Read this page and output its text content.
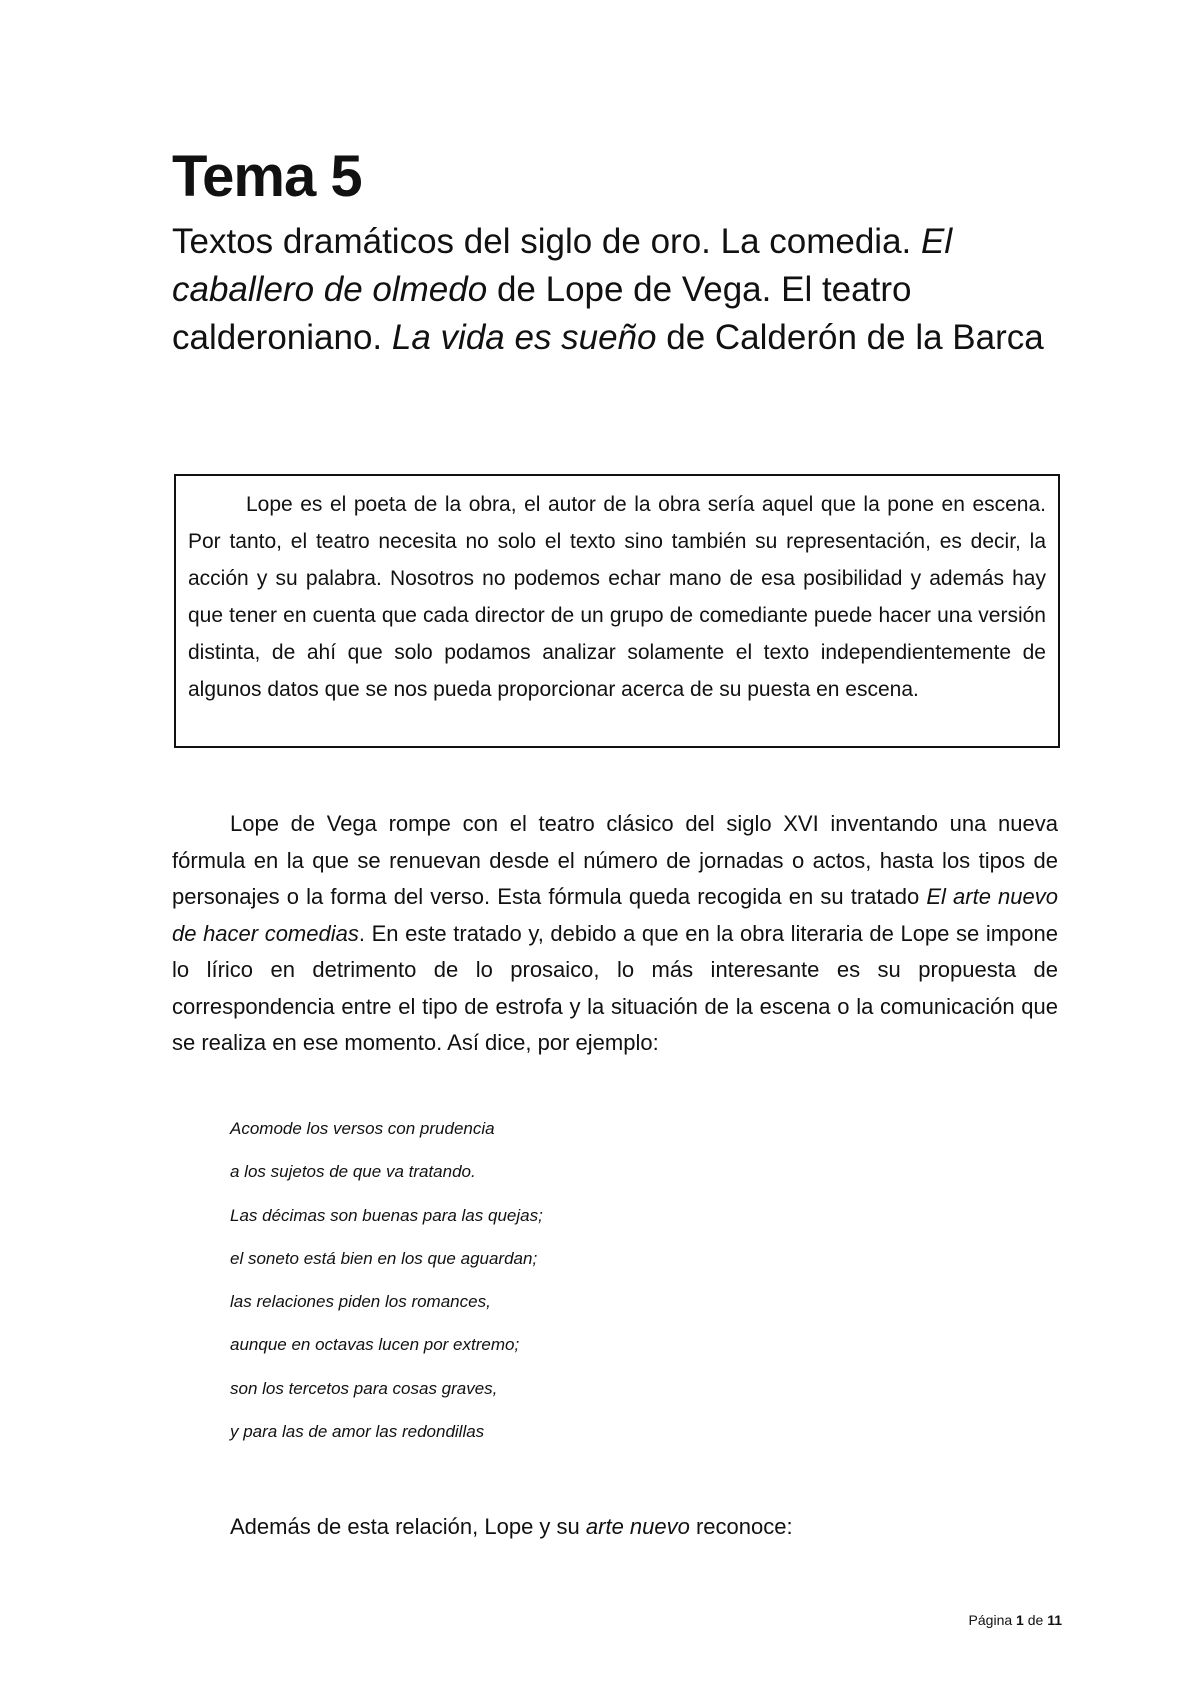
Tema 5
Textos dramáticos del siglo de oro. La comedia. El caballero de olmedo de Lope de Vega. El teatro calderoniano. La vida es sueño de Calderón de la Barca

Lope es el poeta de la obra, el autor de la obra sería aquel que la pone en escena. Por tanto, el teatro necesita no solo el texto sino también su representación, es decir, la acción y su palabra. Nosotros no podemos echar mano de esa posibilidad y además hay que tener en cuenta que cada director de un grupo de comediante puede hacer una versión distinta, de ahí que solo podamos analizar solamente el texto independientemente de algunos datos que se nos pueda proporcionar acerca de su puesta en escena.

Lope de Vega rompe con el teatro clásico del siglo XVI inventando una nueva fórmula en la que se renuevan desde el número de jornadas o actos, hasta los tipos de personajes o la forma del verso. Esta fórmula queda recogida en su tratado El arte nuevo de hacer comedias. En este tratado y, debido a que en la obra literaria de Lope se impone lo lírico en detrimento de lo prosaico, lo más interesante es su propuesta de correspondencia entre el tipo de estrofa y la situación de la escena o la comunicación que se realiza en ese momento. Así dice, por ejemplo:

Acomode los versos con prudencia
a los sujetos de que va tratando.
Las décimas son buenas para las quejas;
el soneto está bien en los que aguardan;
las relaciones piden los romances,
aunque en octavas lucen por extremo;
son los tercetos para cosas graves,
y para las de amor las redondillas

Además de esta relación, Lope y su arte nuevo reconoce:

Página 1 de 11
